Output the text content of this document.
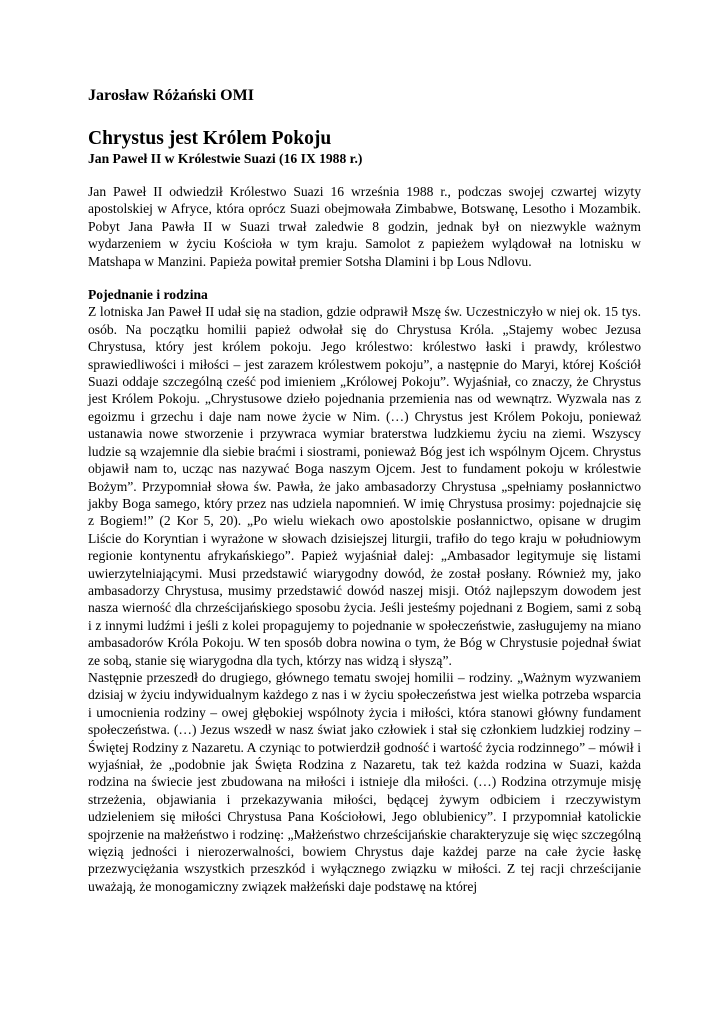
Jarosław Różański OMI

Chrystus jest Królem Pokoju
Jan Paweł II w Królestwie Suazi (16 IX 1988 r.)

Jan Paweł II odwiedził Królestwo Suazi 16 września 1988 r., podczas swojej czwartej wizyty apostolskiej w Afryce, która oprócz Suazi obejmowała Zimbabwe, Botswanę, Lesotho i Mozambik. Pobyt Jana Pawła II w Suazi trwał zaledwie 8 godzin, jednak był on niezwykle ważnym wydarzeniem w życiu Kościoła w tym kraju. Samolot z papieżem wylądował na lotnisku w Matshapa w Manzini. Papieża powitał premier Sotsha Dlamini i bp Lous Ndlovu.

Pojednanie i rodzina

Z lotniska Jan Paweł II udał się na stadion, gdzie odprawił Mszę św. Uczestniczyło w niej ok. 15 tys. osób. Na początku homilii papież odwołał się do Chrystusa Króla. „Stajemy wobec Jezusa Chrystusa, który jest królem pokoju. Jego królestwo: królestwo łaski i prawdy, królestwo sprawiedliwości i miłości – jest zarazem królestwem pokoju”, a następnie do Maryi, której Kościół Suazi oddaje szczególną cześć pod imieniem „Królowej Pokoju”. Wyjaśniał, co znaczy, że Chrystus jest Królem Pokoju. „Chrystusowe dzieło pojednania przemienia nas od wewnątrz. Wyzwala nas z egoizmu i grzechu i daje nam nowe życie w Nim. (…) Chrystus jest Królem Pokoju, ponieważ ustanawia nowe stworzenie i przywraca wymiar braterstwa ludzkiemu życiu na ziemi. Wszyscy ludzie są wzajemnie dla siebie braćmi i siostrami, ponieważ Bóg jest ich wspólnym Ojcem. Chrystus objawił nam to, ucząc nas nazywać Boga naszym Ojcem. Jest to fundament pokoju w królestwie Bożym”. Przypomniał słowa św. Pawła, że jako ambasadorzy Chrystusa „spełniamy posłannictwo jakby Boga samego, który przez nas udziela napomnień. W imię Chrystusa prosimy: pojednajcie się z Bogiem!” (2 Kor 5, 20). „Po wielu wiekach owo apostolskie posłannictwo, opisane w drugim Liście do Koryntian i wyrażone w słowach dzisiejszej liturgii, trafiło do tego kraju w południowym regionie kontynentu afrykańskiego”. Papież wyjaśniał dalej: „Ambasador legitymuje się listami uwierzytelniającymi. Musi przedstawić wiarygodny dowód, że został posłany. Również my, jako ambasadorzy Chrystusa, musimy przedstawić dowód naszej misji. Otóż najlepszym dowodem jest nasza wierność dla chrześcijańskiego sposobu życia. Jeśli jesteśmy pojednani z Bogiem, sami z sobą i z innymi ludźmi i jeśli z kolei propagujemy to pojednanie w społeczeństwie, zasługujemy na miano ambasadorów Króla Pokoju. W ten sposób dobra nowina o tym, że Bóg w Chrystusie pojednał świat ze sobą, stanie się wiarygodna dla tych, którzy nas widzą i słyszą”.

Następnie przeszedł do drugiego, głównego tematu swojej homilii – rodziny. „Ważnym wyzwaniem dzisiaj w życiu indywidualnym każdego z nas i w życiu społeczeństwa jest wielka potrzeba wsparcia i umocnienia rodziny – owej głębokiej wspólnoty życia i miłości, która stanowi główny fundament społeczeństwa. (…) Jezus wszedł w nasz świat jako człowiek i stał się członkiem ludzkiej rodziny – Świętej Rodziny z Nazaretu. A czyniąc to potwierdził godność i wartość życia rodzinnego” – mówił i wyjaśniał, że „podobnie jak Święta Rodzina z Nazaretu, tak też każda rodzina w Suazi, każda rodzina na świecie jest zbudowana na miłości i istnieje dla miłości. (…) Rodzina otrzymuje misję strzeżenia, objawiania i przekazywania miłości, będącej żywym odbiciem i rzeczywistym udzieleniem się miłości Chrystusa Pana Kościołowi, Jego oblubienicy”. I przypomniał katolickie spojrzenie na małżeństwo i rodzinę: „Małżeństwo chrześcijańskie charakteryzuje się więc szczególną więzią jedności i nierozerwalności, bowiem Chrystus daje każdej parze na całe życie łaskę przezwyciężania wszystkich przeszkód i wyłącznego związku w miłości. Z tej racji chrześcijanie uważają, że monogamiczny związek małżeński daje podstawę na której
